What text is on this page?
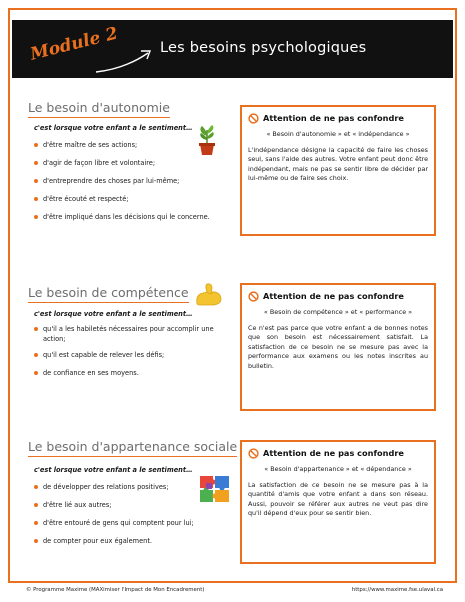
Module 2	Les besoins psychologiques
Le besoin d'autonomie
c'est lorsque votre enfant a le sentiment…
d'être maître de ses actions;
d'agir de façon libre et volontaire;
d'entreprendre des choses par lui-même;
d'être écouté et respecté;
d'être impliqué dans les décisions qui le concerne.
Attention de ne pas confondre
« Besoin d'autonomie » et « indépendance »
L'indépendance désigne la capacité de faire les choses seul, sans l'aide des autres. Votre enfant peut donc être indépendant, mais ne pas se sentir libre de décider par lui-même ou de faire ses choix.
Le besoin de compétence
c'est lorsque votre enfant a le sentiment…
qu'il a les habiletés nécessaires pour accomplir une action;
qu'il est capable de relever les défis;
de confiance en ses moyens.
Attention de ne pas confondre
« Besoin de compétence » et « performance »
Ce n'est pas parce que votre enfant a de bonnes notes que son besoin est nécessairement satisfait. La satisfaction de ce besoin ne se mesure pas avec la performance aux examens ou les notes inscrites au bulletin.
Le besoin d'appartenance sociale
c'est lorsque votre enfant a le sentiment…
de développer des relations positives;
d'être lié aux autres;
d'être entouré de gens qui comptent pour lui;
de compter pour eux également.
Attention de ne pas confondre
« Besoin d'appartenance » et « dépendance »
La satisfaction de ce besoin ne se mesure pas à la quantité d'amis que votre enfant a dans son réseau. Aussi, pouvoir se référer aux autres ne veut pas dire qu'il dépend d'eux pour se sentir bien.
© Programme Maxime (MAXimiser l'Impact de Mon Encadrement)	https://www.maxime.fse.ulaval.ca
